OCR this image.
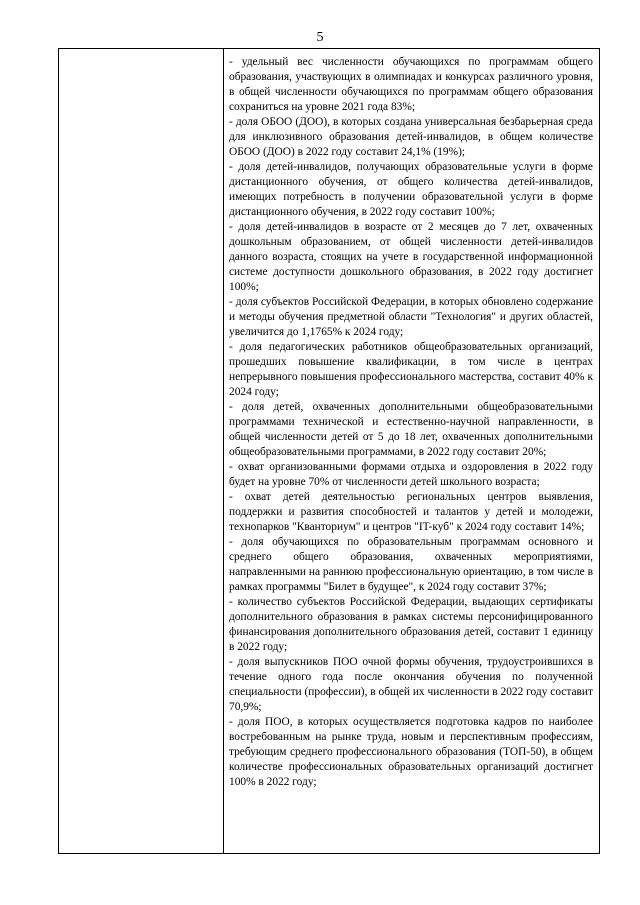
5

- удельный вес численности обучающихся по программам общего образования, участвующих в олимпиадах и конкурсах различного уровня, в общей численности обучающихся по программам общего образования сохраниться на уровне 2021 года 83%;

- доля ОБОО (ДОО), в которых создана универсальная безбарьерная среда для инклюзивного образования детей-инвалидов, в общем количестве ОБОО (ДОО) в 2022 году составит 24,1% (19%);

- доля детей-инвалидов, получающих образовательные услуги в форме дистанционного обучения, от общего количества детей-инвалидов, имеющих потребность в получении образовательной услуги в форме дистанционного обучения, в 2022 году составит 100%;

- доля детей-инвалидов в возрасте от 2 месяцев до 7 лет, охваченных дошкольным образованием, от общей численности детей-инвалидов данного возраста, стоящих на учете в государственной информационной системе доступности дошкольного образования, в 2022 году достигнет 100%;

- доля субъектов Российской Федерации, в которых обновлено содержание и методы обучения предметной области "Технология" и других областей, увеличится до 1,1765% к 2024 году;

- доля педагогических работников общеобразовательных организаций, прошедших повышение квалификации, в том числе в центрах непрерывного повышения профессионального мастерства, составит 40% к 2024 году;

- доля детей, охваченных дополнительными общеобразовательными программами технической и естественно-научной направленности, в общей численности детей от 5 до 18 лет, охваченных дополнительными общеобразовательными программами, в 2022 году составит 20%;

- охват организованными формами отдыха и оздоровления в 2022 году будет на уровне 70% от численности детей школьного возраста;

- охват детей деятельностью региональных центров выявления, поддержки и развития способностей и талантов у детей и молодежи, технопарков "Кванториум" и центров "IT-куб" к 2024 году составит 14%;

- доля обучающихся по образовательным программам основного и среднего общего образования, охваченных мероприятиями, направленными на раннюю профессиональную ориентацию, в том числе в рамках программы "Билет в будущее", к 2024 году составит 37%;

- количество субъектов Российской Федерации, выдающих сертификаты дополнительного образования в рамках системы персонифицированного финансирования дополнительного образования детей, составит 1 единицу в 2022 году;

- доля выпускников ПОО очной формы обучения, трудоустроившихся в течение одного года после окончания обучения по полученной специальности (профессии), в общей их численности в 2022 году составит 70,9%;

- доля ПОО, в которых осуществляется подготовка кадров по наиболее востребованным на рынке труда, новым и перспективным профессиям, требующим среднего профессионального образования (ТОП-50), в общем количестве профессиональных образовательных организаций достигнет 100% в 2022 году;
